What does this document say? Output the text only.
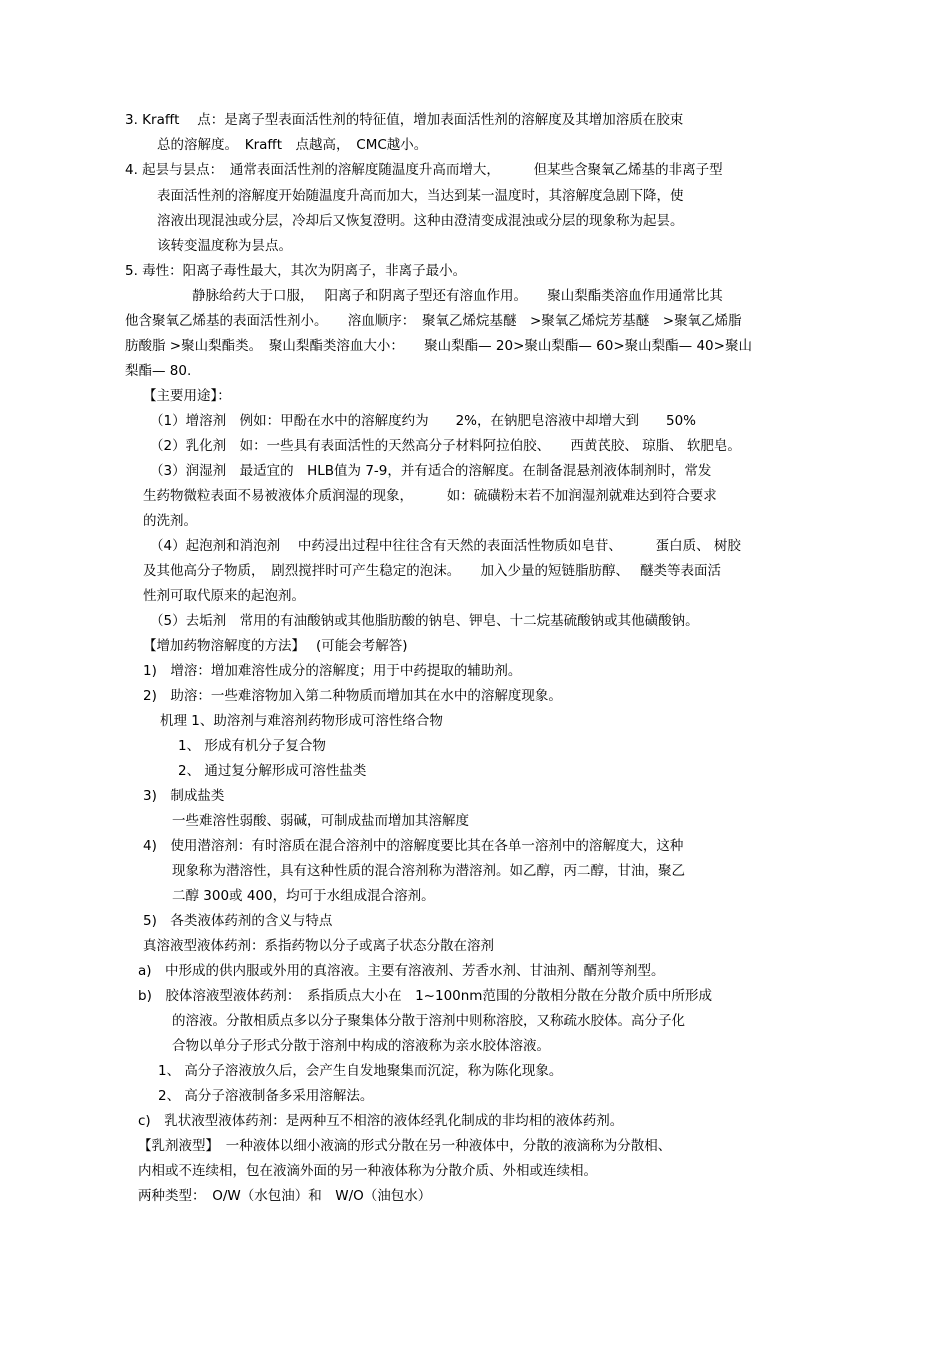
3. Krafft　 点：是离子型表面活性剂的特征值，增加表面活性剂的溶解度及其增加溶质在胶束
总的溶解度。　Krafft　点越高，　CMC越小。
4. 起昙与昙点：　通常表面活性剂的溶解度随温度升高而增大，　　　但某些含聚氧乙烯基的非离子型
表面活性剂的溶解度开始随温度升高而加大，当达到某一温度时，其溶解度急剧下降，使
溶液出现混浊或分层，冷却后又恢复澄明。这种由澄清变成混浊或分层的现象称为起昙。
该转变温度称为昙点。
5. 毒性：阳离子毒性最大，其次为阴离子，非离子最小。
静脉给药大于口服，　 阳离子和阴离子型还有溶血作用。　　聚山梨酯类溶血作用通常比其
他含聚氧乙烯基的表面活性剂小。　　溶血顺序：　聚氧乙烯烷基醚　>聚氧乙烯烷芳基醚　>聚氧乙烯脂
肪酸脂 >聚山梨酯类。　聚山梨酯类溶血大小：　　聚山梨酯— 20>聚山梨酯— 60>聚山梨酯— 40>聚山
梨酯— 80.
【主要用途】：
（1）增溶剂　例如：甲酚在水中的溶解度约为　　2%，在钠肥皂溶液中却增大到　　50%
（2）乳化剂　如：一些具有表面活性的天然高分子材料阿拉伯胶、　　西黄芪胶、 琼脂、 软肥皂。
（3）润湿剂　最适宜的　HLB值为 7-9，并有适合的溶解度。在制备混悬剂液体制剂时，常发
生药物微粒表面不易被液体介质润湿的现象，　　　如：硫磺粉末若不加润湿剂就难达到符合要求
的洗剂。
（4）起泡剂和消泡剂　 中药浸出过程中往往含有天然的表面活性物质如皂苷、　　　蛋白质、 树胶
及其他高分子物质，　剧烈搅拌时可产生稳定的泡沫。　　加入少量的短链脂肪醇、　 醚类等表面活
性剂可取代原来的起泡剂。
（5）去垢剂　常用的有油酸钠或其他脂肪酸的钠皂、钾皂、十二烷基硫酸钠或其他磺酸钠。
【增加药物溶解度的方法】　 (可能会考解答)
1)　增溶：增加难溶性成分的溶解度；用于中药提取的辅助剂。
2)　助溶：一些难溶物加入第二种物质而增加其在水中的溶解度现象。
机理 1、助溶剂与难溶剂药物形成可溶性络合物
1、 形成有机分子复合物
2、 通过复分解形成可溶性盐类
3)　制成盐类
一些难溶性弱酸、弱碱，可制成盐而增加其溶解度
4)　使用潜溶剂：有时溶质在混合溶剂中的溶解度要比其在各单一溶剂中的溶解度大，这种
现象称为潜溶性，具有这种性质的混合溶剂称为潜溶剂。如乙醇，丙二醇，甘油，聚乙
二醇 300或 400，均可于水组成混合溶剂。
5)　各类液体药剂的含义与特点
真溶液型液体药剂：系指药物以分子或离子状态分散在溶剂
a)　中形成的供内服或外用的真溶液。主要有溶液剂、芳香水剂、甘油剂、醑剂等剂型。
b)　胶体溶液型液体药剂：　系指质点大小在　1~100nm范围的分散相分散在分散介质中所形成
的溶液。分散相质点多以分子聚集体分散于溶剂中则称溶胶，又称疏水胶体。高分子化
合物以单分子形式分散于溶剂中构成的溶液称为亲水胶体溶液。
1、 高分子溶液放久后，会产生自发地聚集而沉淀，称为陈化现象。
2、 高分子溶液制备多采用溶解法。
c)　乳状液型液体药剂：是两种互不相溶的液体经乳化制成的非均相的液体药剂。
【乳剂液型】　一种液体以细小液滴的形式分散在另一种液体中，分散的液滴称为分散相、
内相或不连续相，包在液滴外面的另一种液体称为分散介质、外相或连续相。
两种类型：　O/W（水包油）和　W/O（油包水）
